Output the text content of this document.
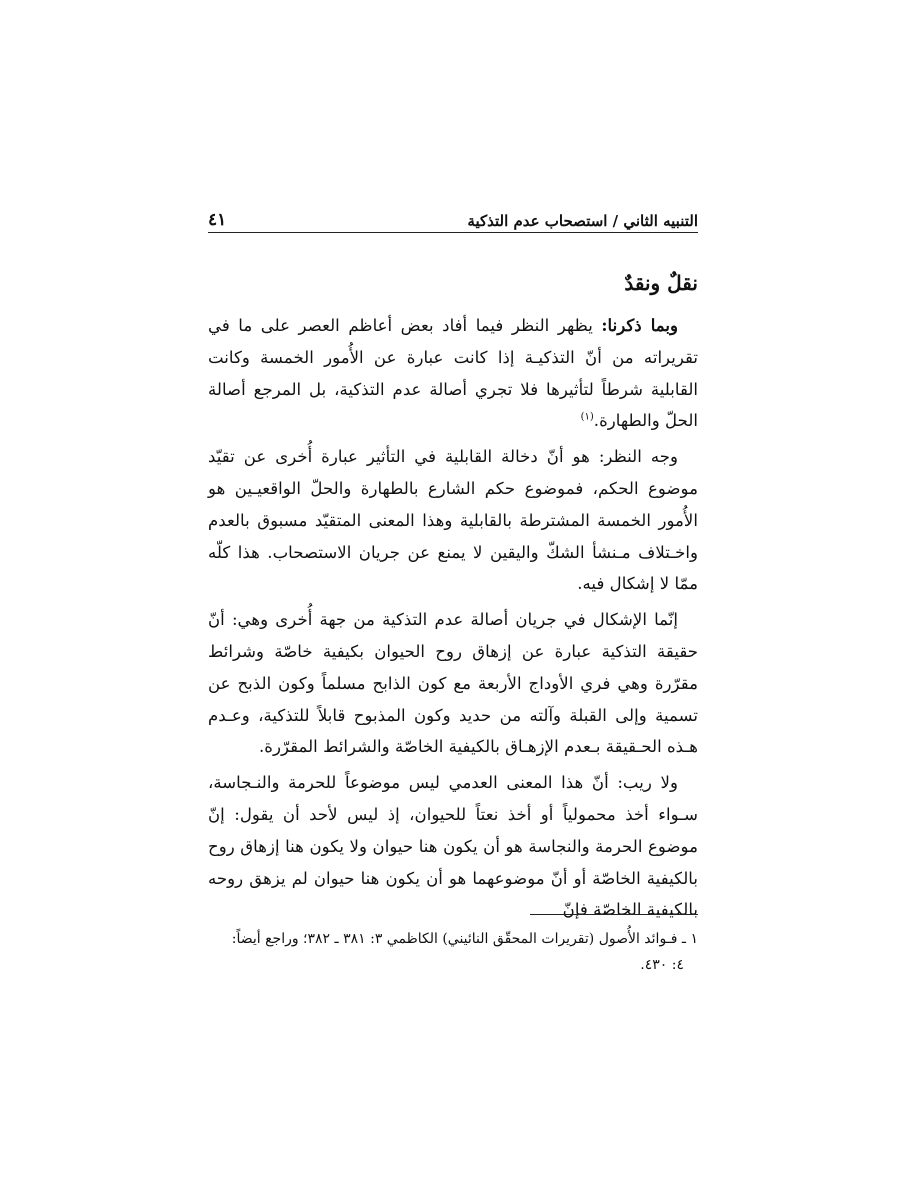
التنبيه الثاني / استصحاب عدم التذكية
٤١
نقلٌ ونقدٌ

وبما ذكرنا: يظهر النظر فيما أفاد بعض أعاظم العصر على ما في تقريراته من أنّ التذكيـة إذا كانت عبارة عن الأُمور الخمسة وكانت القابلية شرطاً لتأثيرها فلا تجري أصالة عدم التذكية، بل المرجع أصالة الحلّ والطهارة.$^{(١)}$

وجه النظر: هو أنّ دخالة القابلية في التأثير عبارة أُخرى عن تقيّد موضوع الحكم، فموضوع حكم الشارع بالطهارة والحلّ الواقعيـين هو الأُمور الخمسة المشترطة بالقابلية وهذا المعنى المتقيّد مسبوق بالعدم واخـتلاف مـنشأ الشكّ واليقين لا يمنع عن جريان الاستصحاب. هذا كلّه ممّا لا إشكال فيه.

إنّما الإشكال في جريان أصالة عدم التذكية من جهة أُخرى وهي: أنّ حقيقة التذكية عبارة عن إزهاق روح الحيوان بكيفية خاصّة وشرائط مقرّرة وهي فري الأوداج الأربعة مع كون الذابح مسلماً وكون الذبح عن تسمية وإلى القبلة وآلته من حديد وكون المذبوح قابلاً للتذكية، وعـدم هـذه الحـقيقة بـعدم الإزهـاق بالكيفية الخاصّة والشرائط المقرّرة.

ولا ريب: أنّ هذا المعنى العدمي ليس موضوعاً للحرمة والنـجاسة، سـواء أخذ محمولياً أو أخذ نعتاً للحيوان، إذ ليس لأحد أن يقول: إنّ موضوع الحرمة والنجاسة هو أن يكون هنا حيوان ولا يكون هنا إزهاق روح بالكيفية الخاصّة أو أنّ موضوعهما هو أن يكون هنا حيوان لم يزهق روحه بالكيفية الخاصّة فإنّ

١ ـ فـوائد الأُصول (تقريرات المحقّق النائيني) الكاظمي ٣: ٣٨١ ـ ٣٨٢؛ وراجع أيضاً:

٤: ٤٣٠.
